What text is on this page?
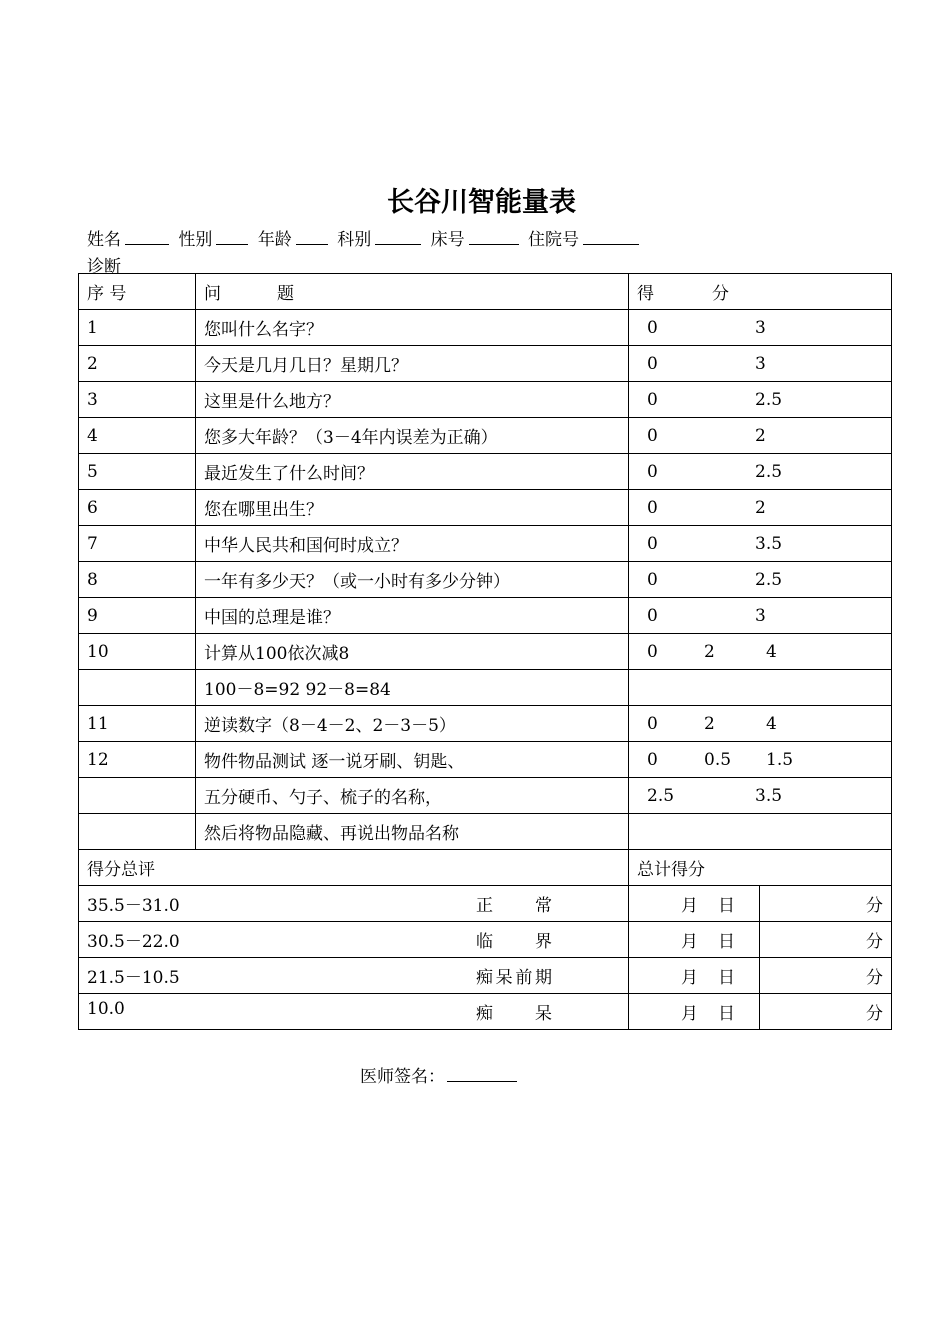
长谷川智能量表
姓名	性别	年龄	科别	床号	住院号
诊断
序 号	问 题	得 分	
1	您叫什么名字？	0 3	

2	今天是几月几日？星期几？	0 3	

3	这里是什么地方？	0 2.5	

4	您多大年龄？（3－4年内误差为正确）	0 2	

5	最近发生了什么时间？	0 2.5	

6	您在哪里出生？	0 2	

7	中华人民共和国何时成立？	0 3.5	

8	一年有多少天？（或一小时有多少分钟）	0 2.5	

9	中国的总理是谁？	0 3	

10	计算从100依次减8	0 2 4	

	100－8=92 92－8=84		

11	逆读数字（8－4－2、2－3－5）	0 2 4	

12	物件物品测试 逐一说牙刷、钥匙、	0 0.5 1.5	

	五分硬币、勺子、梳子的名称，	2.5 3.5	

	然后将物品隐藏、再说出物品名称		

得分总评		总计得分	

35.5－31.0 正常		月 日	分

30.5－22.0 临界		月 日	分

21.5－10.5 痴呆前期		月 日	分

10.0 痴呆		月 日	分
医师签名：
